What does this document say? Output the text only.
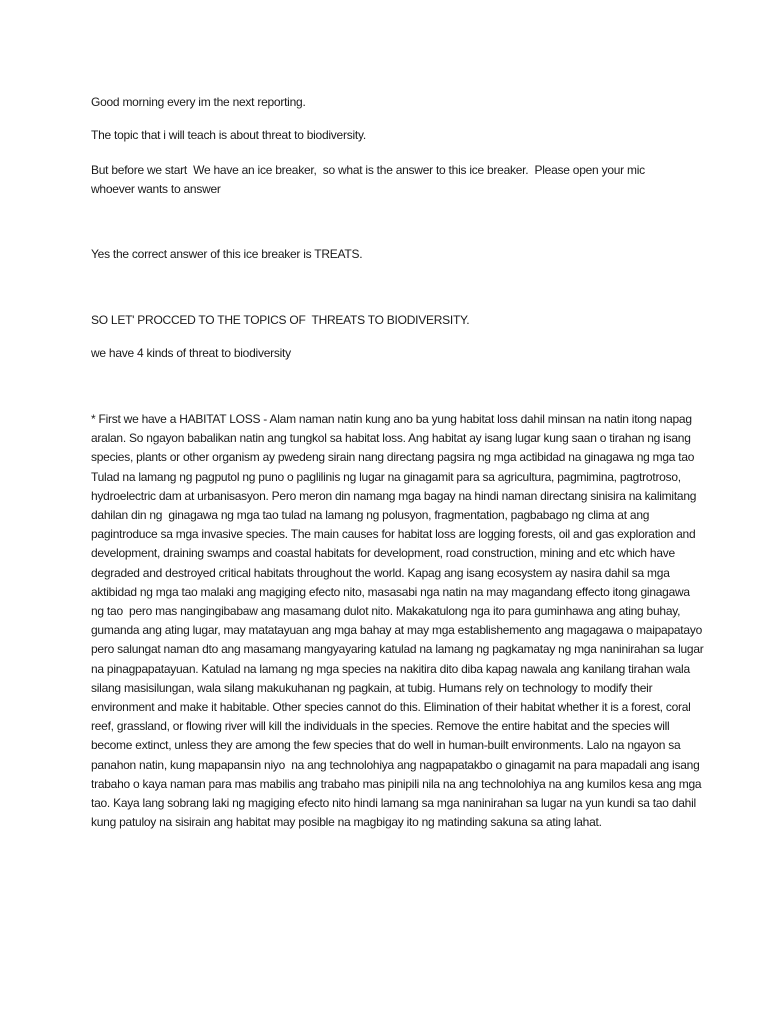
Good morning every im the next reporting.

The topic that i will teach is about threat to biodiversity.

But before we start  We have an ice breaker,  so what is the answer to this ice breaker.  Please open your mic  whoever wants to answer

Yes the correct answer of this ice breaker is TREATS.

SO LET' PROCCED TO THE TOPICS OF  THREATS TO BIODIVERSITY.

we have 4 kinds of threat to biodiversity

* First we have a HABITAT LOSS - Alam naman natin kung ano ba yung habitat loss dahil minsan na natin itong napag aralan. So ngayon babalikan natin ang tungkol sa habitat loss. Ang habitat ay isang lugar kung saan o tirahan ng isang species, plants or other organism ay pwedeng sirain nang directang pagsira ng mga actibidad na ginagawa ng mga tao Tulad na lamang ng pagputol ng puno o paglilinis ng lugar na ginagamit para sa agricultura, pagmimina, pagtrotroso, hydroelectric dam at urbanisasyon. Pero meron din namang mga bagay na hindi naman directang sinisira na kalimitang dahilan din ng  ginagawa ng mga tao tulad na lamang ng polusyon, fragmentation, pagbabago ng clima at ang pagintroduce sa mga invasive species. The main causes for habitat loss are logging forests, oil and gas exploration and development, draining swamps and coastal habitats for development, road construction, mining and etc which have degraded and destroyed critical habitats throughout the world. Kapag ang isang ecosystem ay nasira dahil sa mga aktibidad ng mga tao malaki ang magiging efecto nito, masasabi nga natin na may magandang effecto itong ginagawa ng tao  pero mas nangingibabaw ang masamang dulot nito. Makakatulong nga ito para guminhawa ang ating buhay, gumanda ang ating lugar, may matatayuan ang mga bahay at may mga establishemento ang magagawa o maipapatayo pero salungat naman dto ang masamang mangyayaring katulad na lamang ng pagkamatay ng mga naninirahan sa lugar na pinagpapatayuan. Katulad na lamang ng mga species na nakitira dito diba kapag nawala ang kanilang tirahan wala silang masisilungan, wala silang makukuhanan ng pagkain, at tubig. Humans rely on technology to modify their environment and make it habitable. Other species cannot do this. Elimination of their habitat whether it is a forest, coral reef, grassland, or flowing river will kill the individuals in the species. Remove the entire habitat and the species will become extinct, unless they are among the few species that do well in human-built environments. Lalo na ngayon sa panahon natin, kung mapapansin niyo  na ang technolohiya ang nagpapatakbo o ginagamit na para mapadali ang isang trabaho o kaya naman para mas mabilis ang trabaho mas pinipili nila na ang technolohiya na ang kumilos kesa ang mga tao. Kaya lang sobrang laki ng magiging efecto nito hindi lamang sa mga naninirahan sa lugar na yun kundi sa tao dahil kung patuloy na sisirain ang habitat may posible na magbigay ito ng matinding sakuna sa ating lahat.
